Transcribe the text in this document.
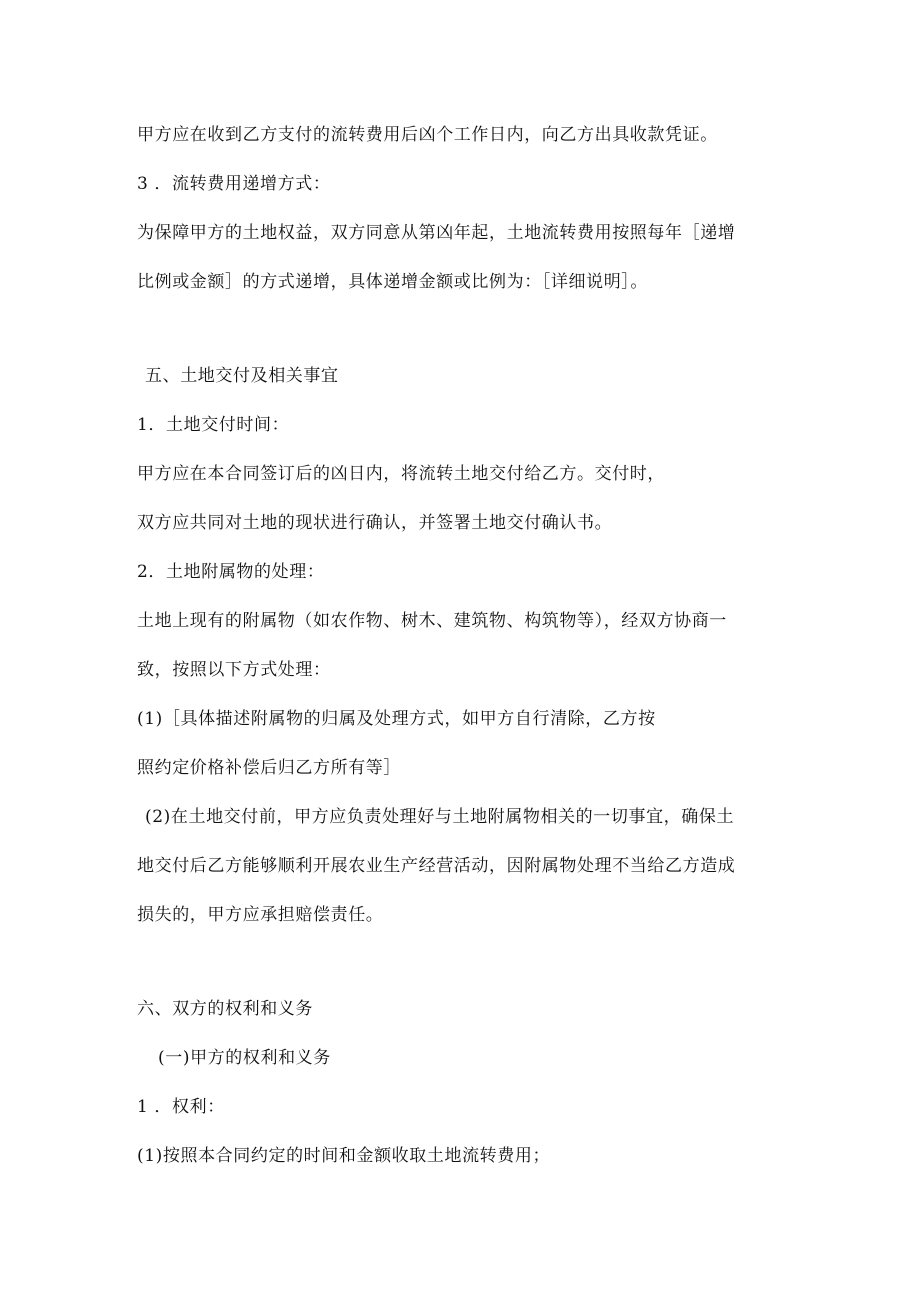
甲方应在收到乙方支付的流转费用后凶个工作日内，向乙方出具收款凭证。
3 ．流转费用递增方式：
为保障甲方的土地权益，双方同意从第凶年起，土地流转费用按照每年［递增
比例或金额］的方式递增，具体递增金额或比例为：［详细说明］。
五、土地交付及相关事宜
1．土地交付时间：
甲方应在本合同签订后的凶日内，将流转土地交付给乙方。交付时，
双方应共同对土地的现状进行确认，并签署土地交付确认书。
2．土地附属物的处理：
土地上现有的附属物（如农作物、树木、建筑物、构筑物等），经双方协商一
致，按照以下方式处理：
(1)［具体描述附属物的归属及处理方式，如甲方自行清除，乙方按
照约定价格补偿后归乙方所有等］
(2)在土地交付前，甲方应负责处理好与土地附属物相关的一切事宜，确保土
地交付后乙方能够顺利开展农业生产经营活动，因附属物处理不当给乙方造成
损失的，甲方应承担赔偿责任。
六、双方的权利和义务
(一)甲方的权利和义务
1 ．权利：
(1)按照本合同约定的时间和金额收取土地流转费用；
